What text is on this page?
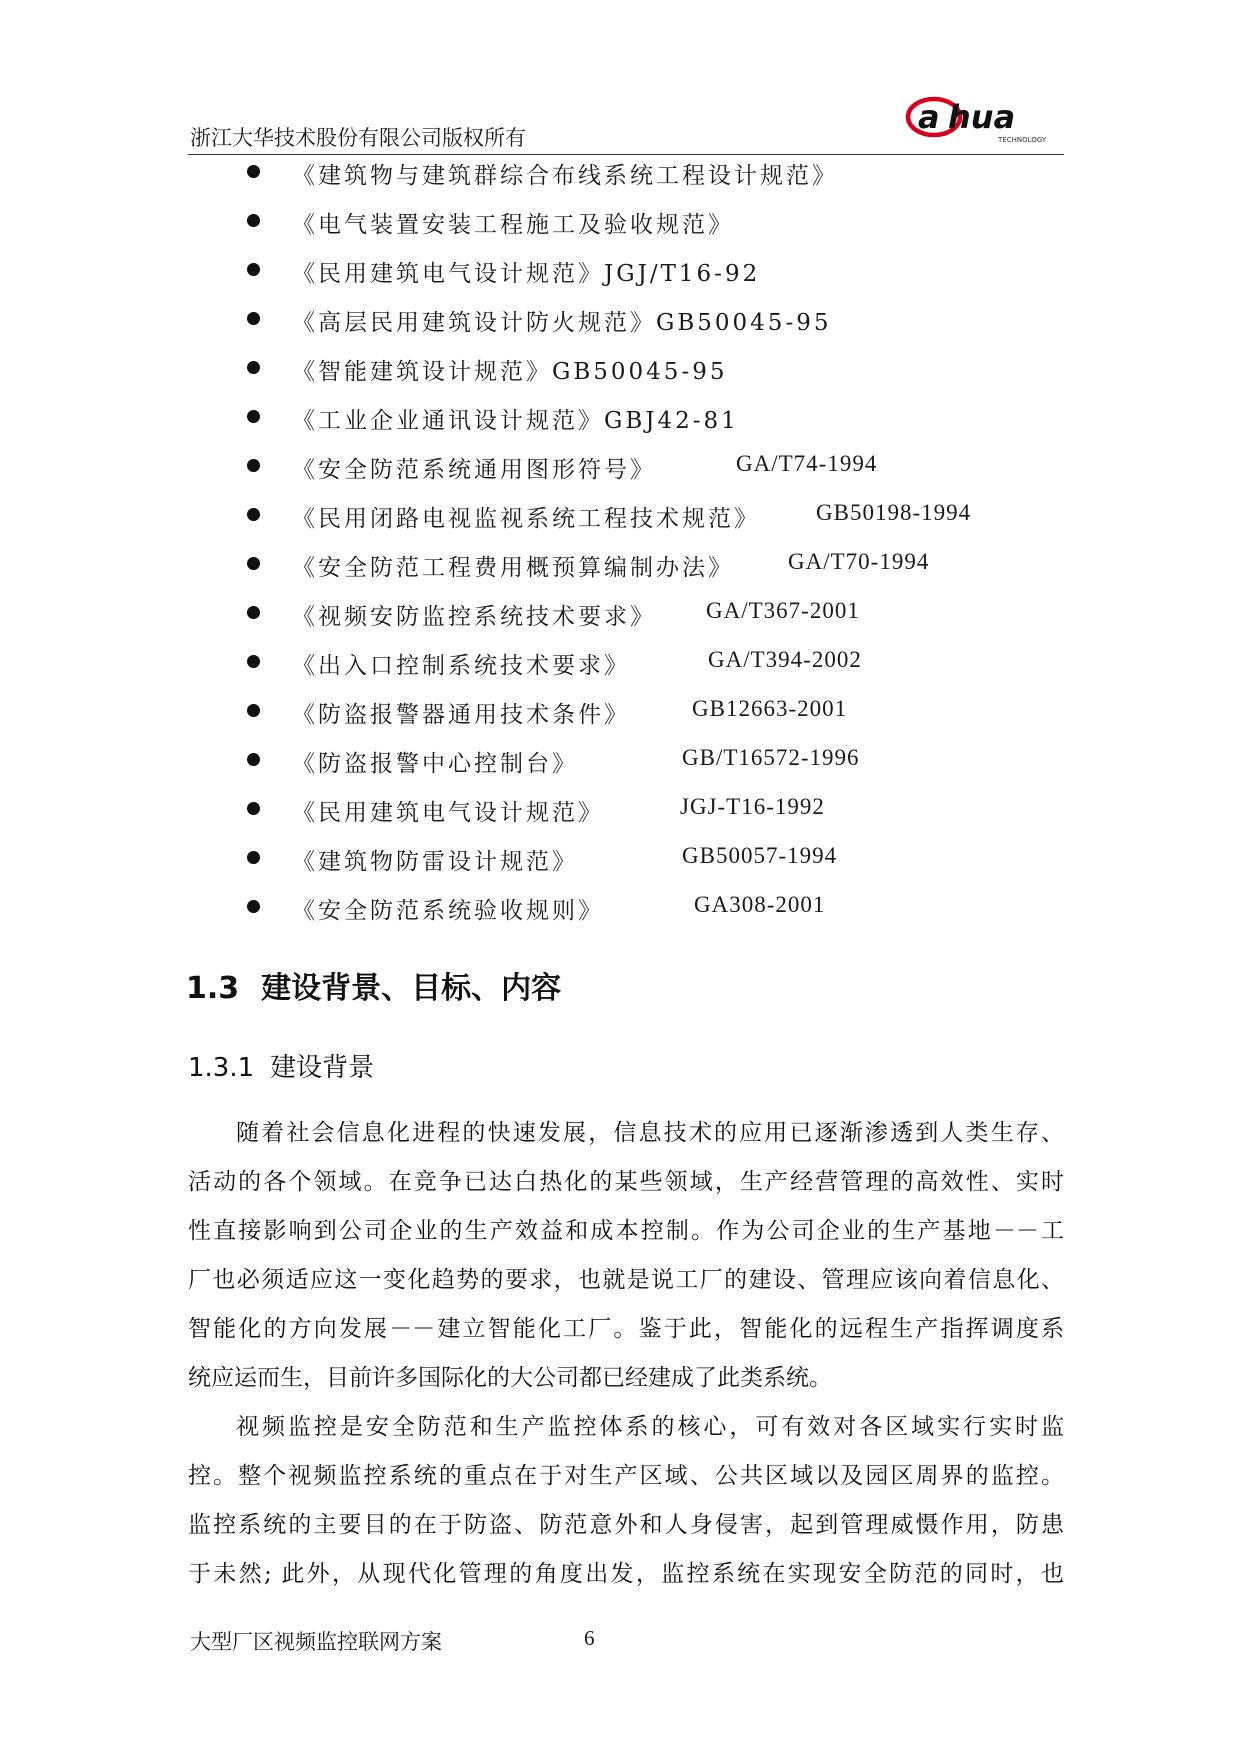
浙江大华技术股份有限公司版权所有
a hua
TECHNOLOGY
《建筑物与建筑群综合布线系统工程设计规范》
《电气装置安装工程施工及验收规范》
《民用建筑电气设计规范》JGJ/T16-92
《高层民用建筑设计防火规范》GB50045-95
《智能建筑设计规范》GB50045-95
《工业企业通讯设计规范》GBJ42-81
《安全防范系统通用图形符号》	GA/T74-1994
《民用闭路电视监视系统工程技术规范》 GB50198-1994
《安全防范工程费用概预算编制办法》 GA/T70-1994
《视频安防监控系统技术要求》 GA/T367-2001
《出入口控制系统技术要求》	GA/T394-2002
《防盗报警器通用技术条件》	GB12663-2001
《防盗报警中心控制台》	GB/T16572-1996
《民用建筑电气设计规范》	JGJ-T16-1992
《建筑物防雷设计规范》	GB50057-1994
《安全防范系统验收规则》	GA308-2001
1.3 建设背景、目标、内容
1.3.1 建设背景
随着社会信息化进程的快速发展，信息技术的应用已逐渐渗透到人类生存、
活动的各个领域。在竞争已达白热化的某些领域，生产经营管理的高效性、实时
性直接影响到公司企业的生产效益和成本控制。作为公司企业的生产基地－－工
厂也必须适应这一变化趋势的要求，也就是说工厂的建设、管理应该向着信息化、
智能化的方向发展－－建立智能化工厂。鉴于此，智能化的远程生产指挥调度系
统应运而生，目前许多国际化的大公司都已经建成了此类系统。
视频监控是安全防范和生产监控体系的核心，可有效对各区域实行实时监
控。整个视频监控系统的重点在于对生产区域、公共区域以及园区周界的监控。
监控系统的主要目的在于防盗、防范意外和人身侵害，起到管理威慑作用，防患
于未然; 此外，从现代化管理的角度出发，监控系统在实现安全防范的同时，也
大型厂区视频监控联网方案	6
